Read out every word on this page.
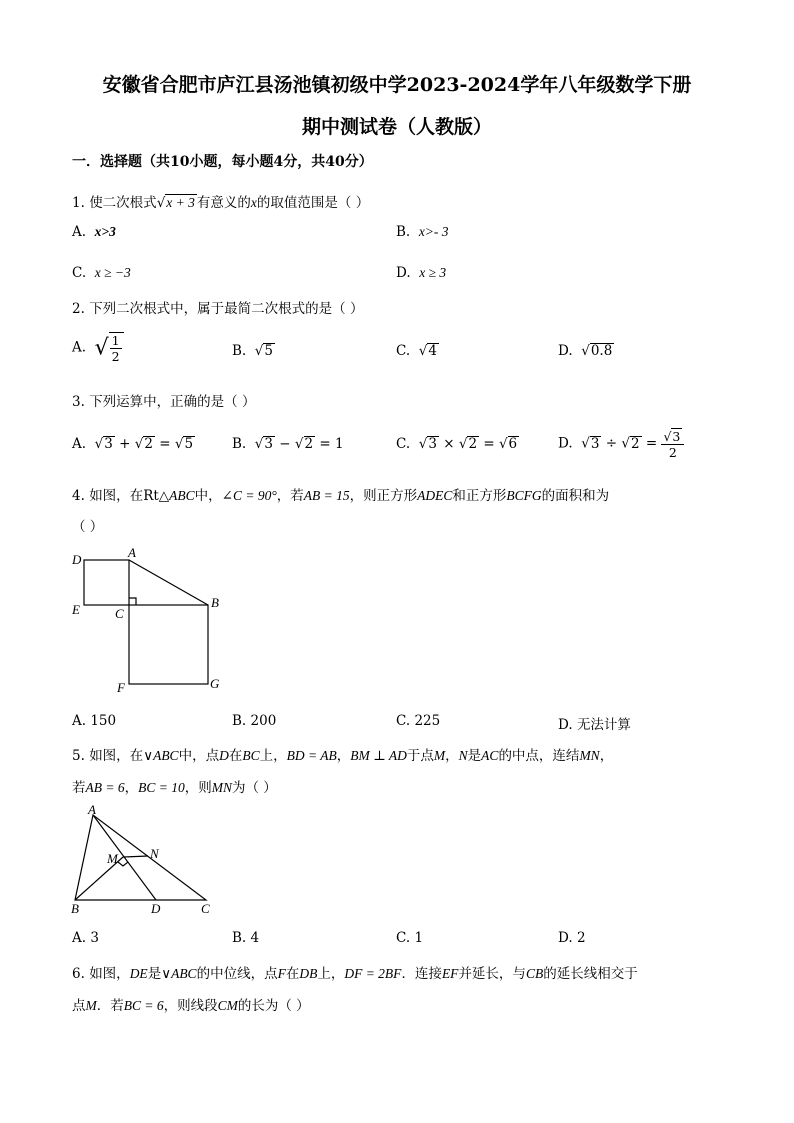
安徽省合肥市庐江县汤池镇初级中学2023-2024学年八年级数学下册
期中测试卷（人教版）
一．选择题（共10小题，每小题4分，共40分）
1. 使二次根式√x + 3 有意义的x的取值范围是（ ）
A. x>3	B. x>- 3
C. x ≥ −3	D. x ≥ 3
2. 下列二次根式中，属于最简二次根式的是（ ）
A. √ $\frac{1}{2}$	B.  √5	C.  √4	D.  √0.8
3. 下列运算中，正确的是（ ）
A.  √3 + √2 = √5	B.  √3 − √2 = 1	C.  √3 × √2 = √6	D.  $√3 \div √2 = \frac{√3}{2}$
4. 如图，在Rt△ABC中，∠C = 90°，若AB = 15，则正方形ADEC和正方形BCFG的面积和为
（ ）
D	A
E	C
B
F	G
A. 150	B. 200	C. 225	D. 无法计算
5. 如图，在∨ABC中，点D在BC上，BD = AB，BM ⊥ AD于点M，N是AC的中点，连结MN，
若AB = 6，BC = 10，则MN为（ ）
A
M N
B	D	C
A. 3	B. 4	C. 1	D. 2
6. 如图，DE是∨ABC的中位线，点F在DB上，DF = 2BF．连接EF并延长，与CB的延长线相交于
点M．若BC = 6，则线段CM的长为（ ）
